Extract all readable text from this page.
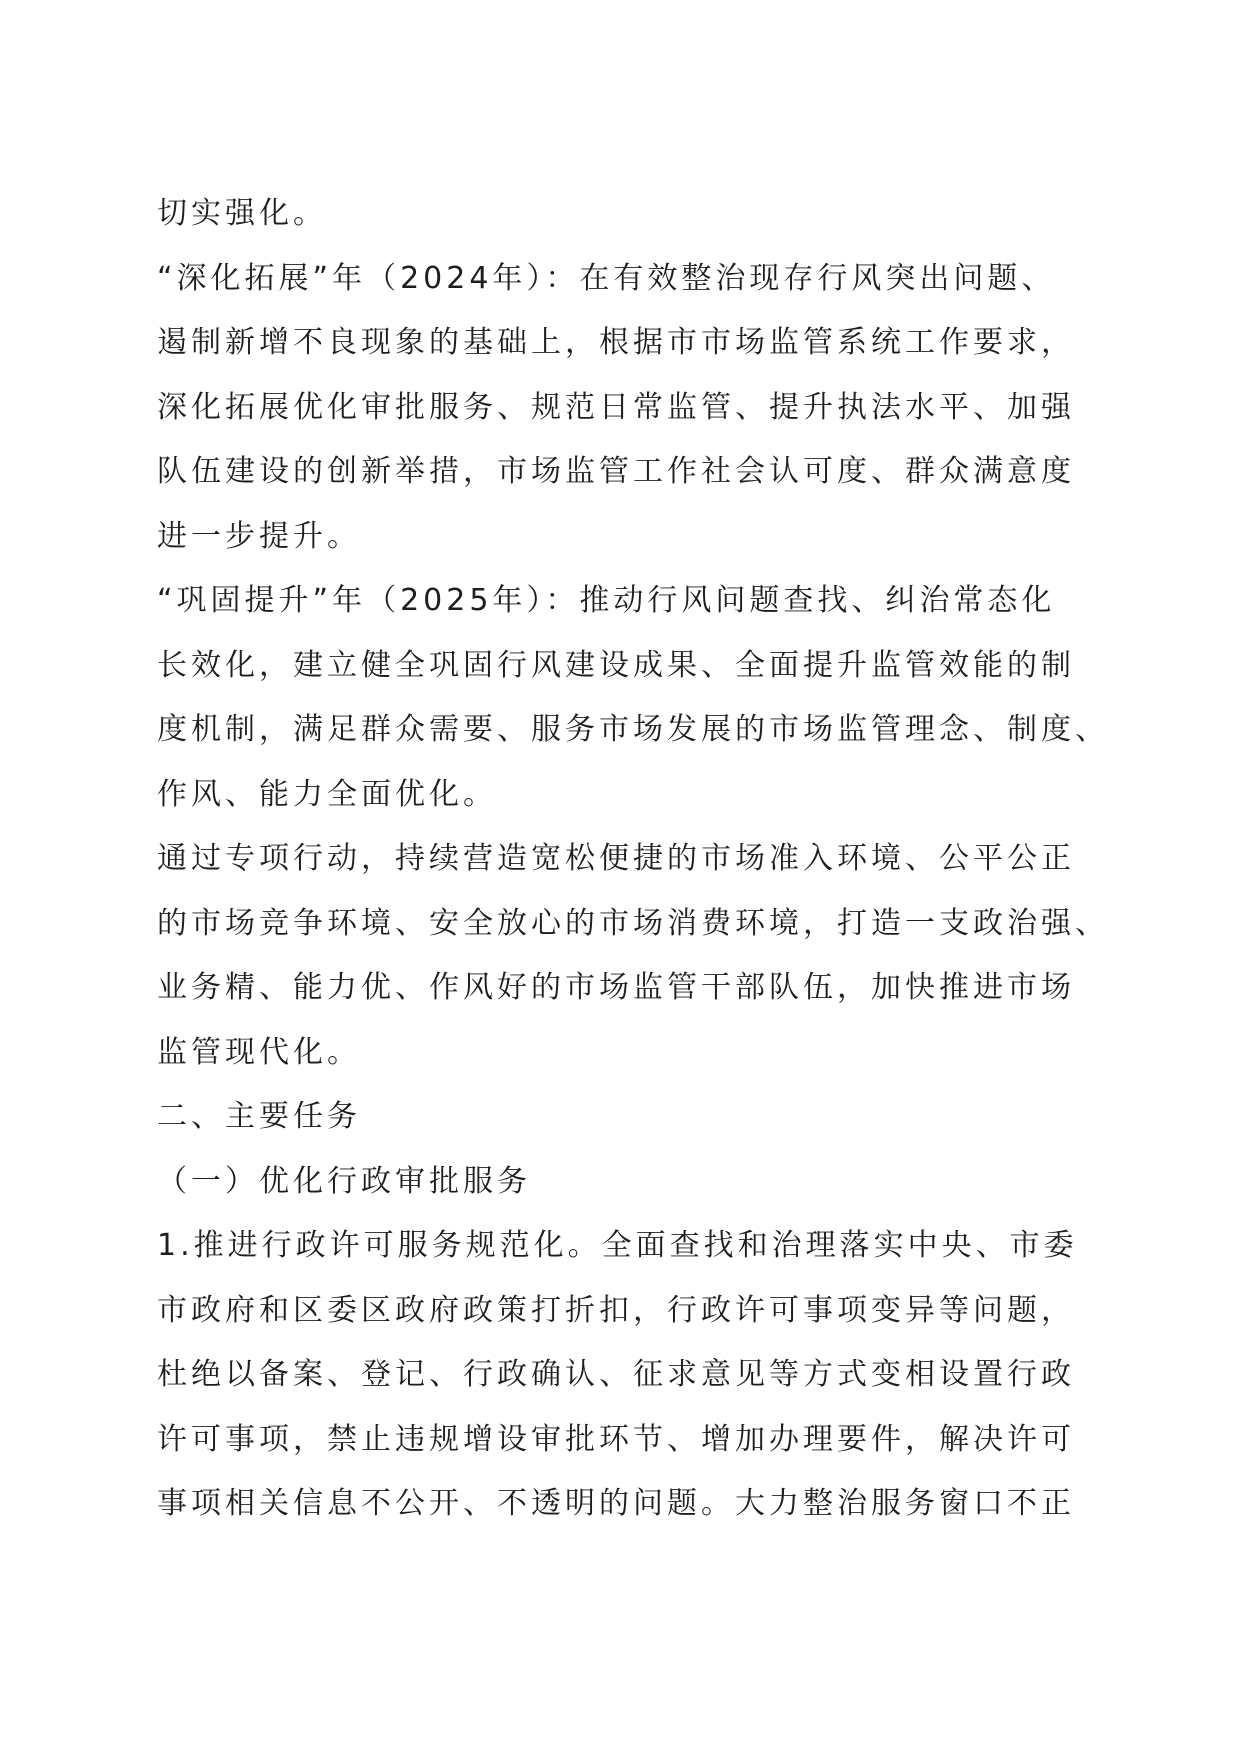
切实强化。
“深化拓展”年（2024年）：在有效整治现存行风突出问题、
遏制新增不良现象的基础上，根据市市场监管系统工作要求，
深化拓展优化审批服务、规范日常监管、提升执法水平、加强
队伍建设的创新举措，市场监管工作社会认可度、群众满意度
进一步提升。
“巩固提升”年（2025年）：推动行风问题查找、纠治常态化
长效化，建立健全巩固行风建设成果、全面提升监管效能的制
度机制，满足群众需要、服务市场发展的市场监管理念、制度、
作风、能力全面优化。
通过专项行动，持续营造宽松便捷的市场准入环境、公平公正
的市场竞争环境、安全放心的市场消费环境，打造一支政治强、
业务精、能力优、作风好的市场监管干部队伍，加快推进市场
监管现代化。
二、主要任务
（一）优化行政审批服务
1.推进行政许可服务规范化。全面查找和治理落实中央、市委
市政府和区委区政府政策打折扣，行政许可事项变异等问题，
杜绝以备案、登记、行政确认、征求意见等方式变相设置行政
许可事项，禁止违规增设审批环节、增加办理要件，解决许可
事项相关信息不公开、不透明的问题。大力整治服务窗口不正
